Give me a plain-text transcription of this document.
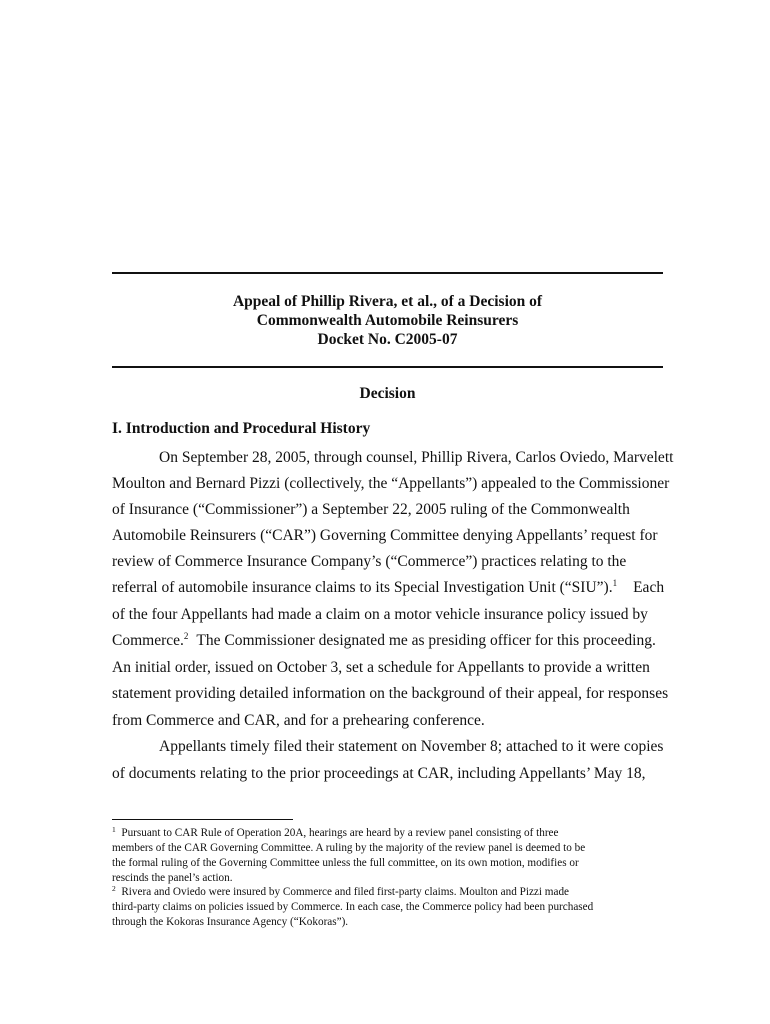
Appeal of Phillip Rivera, et al., of a Decision of
Commonwealth Automobile Reinsurers
Docket No. C2005-07
Decision
I. Introduction and Procedural History
On September 28, 2005, through counsel, Phillip Rivera, Carlos Oviedo, Marvelett
Moulton and Bernard Pizzi (collectively, the “Appellants”) appealed to the Commissioner
of Insurance (“Commissioner”) a September 22, 2005 ruling of the Commonwealth
Automobile Reinsurers (“CAR”) Governing Committee denying Appellants’ request for
review of Commerce Insurance Company’s (“Commerce”) practices relating to the
referral of automobile insurance claims to its Special Investigation Unit (“SIU”).$^1$ Each
of the four Appellants had made a claim on a motor vehicle insurance policy issued by
Commerce.$^2$ The Commissioner designated me as presiding officer for this proceeding.
An initial order, issued on October 3, set a schedule for Appellants to provide a written
statement providing detailed information on the background of their appeal, for responses
from Commerce and CAR, and for a prehearing conference.
Appellants timely filed their statement on November 8; attached to it were copies
of documents relating to the prior proceedings at CAR, including Appellants’ May 18,
$^1$ Pursuant to CAR Rule of Operation 20A, hearings are heard by a review panel consisting of three
members of the CAR Governing Committee. A ruling by the majority of the review panel is deemed to be
the formal ruling of the Governing Committee unless the full committee, on its own motion, modifies or
rescinds the panel’s action.
$^2$ Rivera and Oviedo were insured by Commerce and filed first-party claims. Moulton and Pizzi made
third-party claims on policies issued by Commerce. In each case, the Commerce policy had been purchased
through the Kokoras Insurance Agency (“Kokoras”).
